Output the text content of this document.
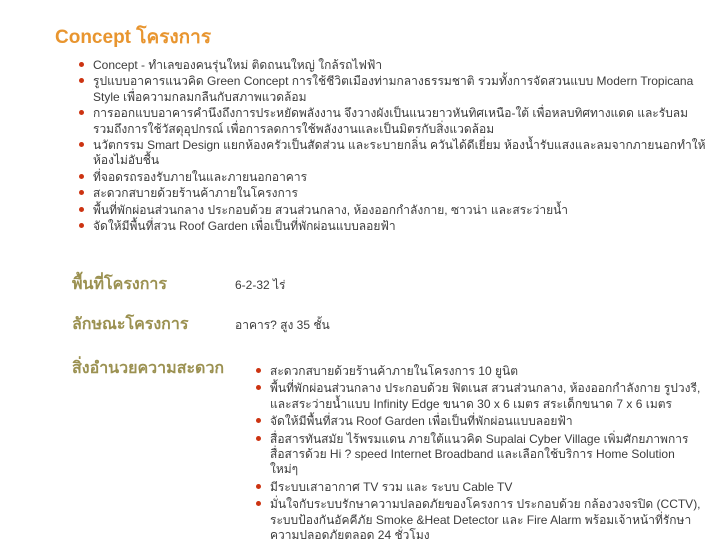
Concept โครงการ
Concept - ทำเลของคนรุ่นใหม่ ติดถนนใหญ่ ใกล้รถไฟฟ้า
รูปแบบอาคารแนวคิด Green Concept การใช้ชีวิตเมืองท่ามกลางธรรมชาติ รวมทั้งการจัดสวนแบบ Modern Tropicana Style เพื่อความกลมกลืนกับสภาพแวดล้อม
การออกแบบอาคารคำนึงถึงการประหยัดพลังงาน จึงวางผังเป็นแนวยาวหันทิศเหนือ-ใต้ เพื่อหลบทิศทางแดด และรับลม รวมถึงการใช้วัสดุอุปกรณ์ เพื่อการลดการใช้พลังงานและเป็นมิตรกับสิ่งแวดล้อม
นวัตกรรม Smart Design แยกห้องครัวเป็นสัดส่วน และระบายกลิ่น ควันได้ดีเยี่ยม ห้องน้ำรับแสงและลมจากภายนอกทำให้ห้องไม่อับชื้น
ที่จอดรถรองรับภายในและภายนอกอาคาร
สะดวกสบายด้วยร้านค้าภายในโครงการ
พื้นที่พักผ่อนส่วนกลาง ประกอบด้วย สวนส่วนกลาง, ห้องออกกำลังกาย, ซาวน่า และสระว่ายน้ำ
จัดให้มีพื้นที่สวน Roof Garden เพื่อเป็นที่พักผ่อนแบบลอยฟ้า
พื้นที่โครงการ	6-2-32 ไร่
ลักษณะโครงการ	อาคาร? สูง 35 ชั้น
สิ่งอำนวยความสะดวก	สะดวกสบายด้วยร้านค้าภายในโครงการ 10 ยูนิต
พื้นที่พักผ่อนส่วนกลาง ประกอบด้วย ฟิตเนส สวนส่วนกลาง, ห้องออกกำลังกาย รูปวงรี, และสระว่ายน้ำแบบ Infinity Edge ขนาด 30 x 6 เมตร สระเด็กขนาด 7 x 6 เมตร
จัดให้มีพื้นที่สวน Roof Garden เพื่อเป็นที่พักผ่อนแบบลอยฟ้า
สื่อสารทันสมัย ไร้พรมแดน ภายใต้แนวคิด Supalai Cyber Village เพิ่มศักยภาพการสื่อสารด้วย Hi ? speed Internet Broadband และเลือกใช้บริการ Home Solution ใหม่ๆ
มีระบบเสาอากาศ TV รวม และ ระบบ Cable TV
มั่นใจกับระบบรักษาความปลอดภัยของโครงการ ประกอบด้วย กล้องวงจรปิด (CCTV), ระบบป้องกันอัคคีภัย Smoke &Heat Detector และ Fire Alarm พร้อมเจ้าหน้าที่รักษาความปลอดภัยตลอด 24 ชั่วโมง
